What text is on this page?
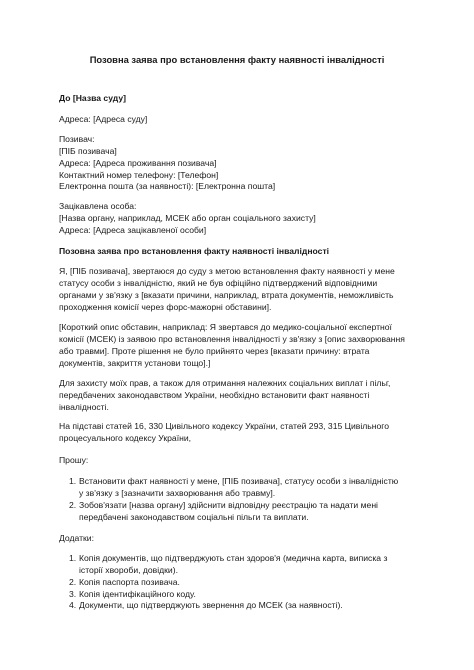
Позовна заява про встановлення факту наявності інвалідності

До [Назва суду]

Адреса: [Адреса суду]

Позивач:

[ПІБ позивача]

Адреса: [Адреса проживання позивача]

Контактний номер телефону: [Телефон]

Електронна пошта (за наявності): [Електронна пошта]

Зацікавлена особа:

[Назва органу, наприклад, МСЕК або орган соціального захисту]

Адреса: [Адреса зацікавленої особи]

Позовна заява про встановлення факту наявності інвалідності

Я, [ПІБ позивача], звертаюся до суду з метою встановлення факту наявності у мене
статусу особи з інвалідністю, який не був офіційно підтверджений відповідними
органами у зв'язку з [вказати причини, наприклад, втрата документів, неможливість
проходження комісії через форс-мажорні обставини].
[Короткий опис обставин, наприклад: Я звертався до медико-соціальної експертної
комісії (МСЕК) із заявою про встановлення інвалідності у зв'язку з [опис захворювання
або травми]. Проте рішення не було прийнято через [вказати причину: втрата
документів, закриття установи тощо].]
Для захисту моїх прав, а також для отримання належних соціальних виплат і пільг,
передбачених законодавством України, необхідно встановити факт наявності
інвалідності.
На підставі статей 16, 330 Цивільного кодексу України, статей 293, 315 Цивільного
процесуального кодексу України,

Прошу:

1. Встановити факт наявності у мене, [ПІБ позивача], статусу особи з інвалідністю
у зв'язку з [зазначити захворювання або травму].
2. Зобов'язати [назва органу] здійснити відповідну реєстрацію та надати мені
передбачені законодавством соціальні пільги та виплати.

Додатки:

1. Копія документів, що підтверджують стан здоров'я (медична карта, виписка з
історії хвороби, довідки).
2. Копія паспорта позивача.
3. Копія ідентифікаційного коду.
4. Документи, що підтверджують звернення до МСЕК (за наявності).
